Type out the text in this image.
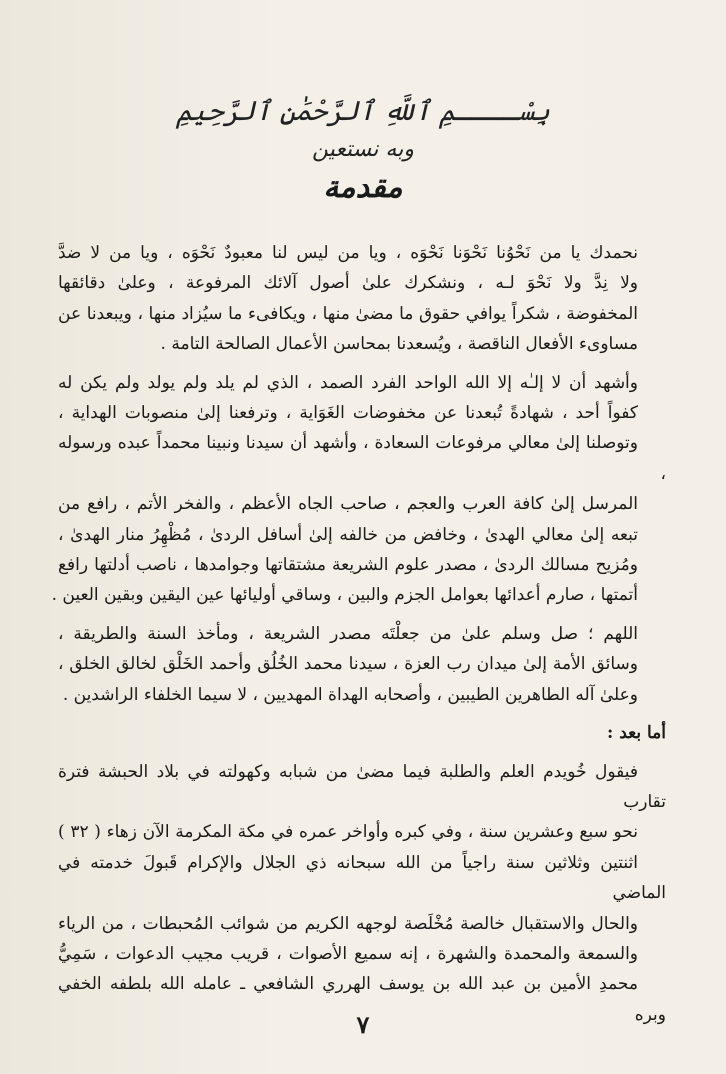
بِسْــــمِ ٱللَّهِ ٱلرَّحْمَٰنِ ٱلرَّحِيمِ
وبه نستعين
مقدمة
نحمدك يا من نَحْوُنا نَحْوَنا نَحْوَه ، ويا من ليس لنا معبودٌ نَحْوَه ، ويا من لا ضدَّ
ولا نِدَّ ولا نَحْوَ لـه ، ونشكرك علىٰ أصول آلائك المرفوعة ، وعلىٰ دقائقها
المخفوضة ، شكراً يوافي حقوق ما مضىٰ منها ، ويكافىء ما سيُزاد منها ، ويبعدنا عن
مساوىء الأفعال الناقصة ، ويُسعدنا بمحاسن الأعمال الصالحة التامة .
وأشهد أن لا إلـٰه إلا الله الواحد الفرد الصمد ، الذي لم يلد ولم يولد ولم يكن له
كفواً أحد ، شهادةً تُبعدنا عن مخفوضات الغَوَاية ، وترفعنا إلىٰ منصوبات الهداية ،
وتوصلنا إلىٰ معالي مرفوعات السعادة ، وأشهد أن سيدنا ونبينا محمداً عبده ورسوله ،
المرسل إلىٰ كافة العرب والعجم ، صاحب الجاه الأعظم ، والفخر الأتم ، رافع من
تبعه إلىٰ معالي الهدىٰ ، وخافض من خالفه إلىٰ أسافل الردىٰ ، مُظْهِرُ منار الهدىٰ ،
ومُزيح مسالك الردىٰ ، مصدر علوم الشريعة مشتقاتها وجوامدها ، ناصب أدلتها رافع
أتمتها ، صارم أعدائها بعوامل الجزم والبين ، وساقي أوليائها عين اليقين وبقين العين .
اللهم ؛ صل وسلم علىٰ من جعلْتَه مصدر الشريعة ، ومأخذ السنة والطريقة ،
وسائق الأمة إلىٰ ميدان رب العزة ، سيدنا محمد الخُلُق وأحمد الخَلْق لخالق الخلق ،
وعلىٰ آله الطاهرين الطيبين ، وأصحابه الهداة المهديين ، لا سيما الخلفاء الراشدين .
أما بعد :
فيقول خُويدم العلم والطلبة فيما مضىٰ من شبابه وكهولته في بلاد الحبشة فترة تقارب
نحو سبع وعشرين سنة ، وفي كبره وأواخر عمره في مكة المكرمة الآن زهاء ( ٣٢ )
اثنتين وثلاثين سنة راجياً من الله سبحانه ذي الجلال والإكرام قَبولَ خدمته في الماضي
والحال والاستقبال خالصة مُخْلَصة لوجهه الكريم من شوائب المُحبطات ، من الرياء
والسمعة والمحمدة والشهرة ، إنه سميع الأصوات ، قريب مجيب الدعوات ، سَمِيُّ
محمدِ الأمين بن عبد الله بن يوسف الهرري الشافعي ـ عامله الله بلطفه الخفي وبره
٧
